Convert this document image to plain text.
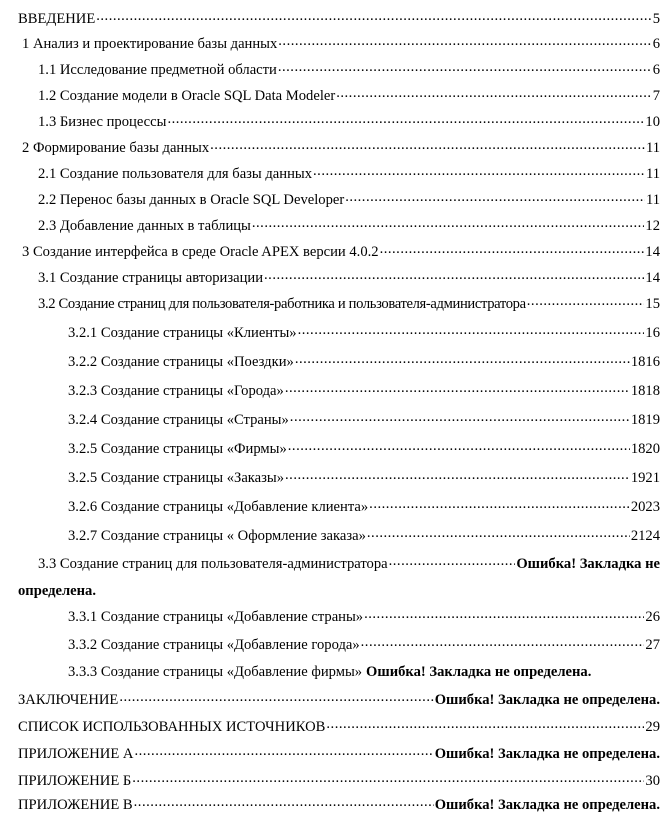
ВВЕДЕНИЕ .....	5
1 Анализ и проектирование базы данных .....	6
1.1 Исследование предметной области .....	6
1.2 Создание модели в Oracle SQL Data Modeler .....	7
1.3 Бизнес процессы .....	10
2 Формирование базы данных .....	11
2.1 Создание пользователя для базы данных .....	11
2.2 Перенос базы данных в Oracle SQL Developer .....	11
2.3 Добавление данных в таблицы .....	12
3 Создание интерфейса в среде Oracle APEX версии 4.0.2 .....	14
3.1 Создание страницы авторизации .....	14
3.2 Создание страниц для пользователя-работника и пользователя-администратора .....	15
3.2.1 Создание страницы «Клиенты» .....	16
3.2.2 Создание страницы «Поездки» .....	1816
3.2.3 Создание страницы «Города» .....	1818
3.2.4 Создание страницы «Страны» .....	1819
3.2.5 Создание страницы «Фирмы» .....	1820
3.2.5 Создание страницы «Заказы» .....	1921
3.2.6 Создание страницы «Добавление клиента» .....	2023
3.2.7 Создание страницы « Оформление заказа» .....	2124
3.3 Создание страниц для пользователя-администратора .....	Ошибка! Закладка не
определена.
3.3.1 Создание страницы «Добавление страны» .....	26
3.3.2 Создание страницы «Добавление города» .....	27
3.3.3 Создание страницы «Добавление фирмы» Ошибка! Закладка не определена.
ЗАКЛЮЧЕНИЕ .....	Ошибка! Закладка не определена.
СПИСОК ИСПОЛЬЗОВАННЫХ ИСТОЧНИКОВ .....	29
ПРИЛОЖЕНИЕ А .....	Ошибка! Закладка не определена.
ПРИЛОЖЕНИЕ Б .....	30
ПРИЛОЖЕНИЕ В .....	Ошибка! Закладка не определена.
